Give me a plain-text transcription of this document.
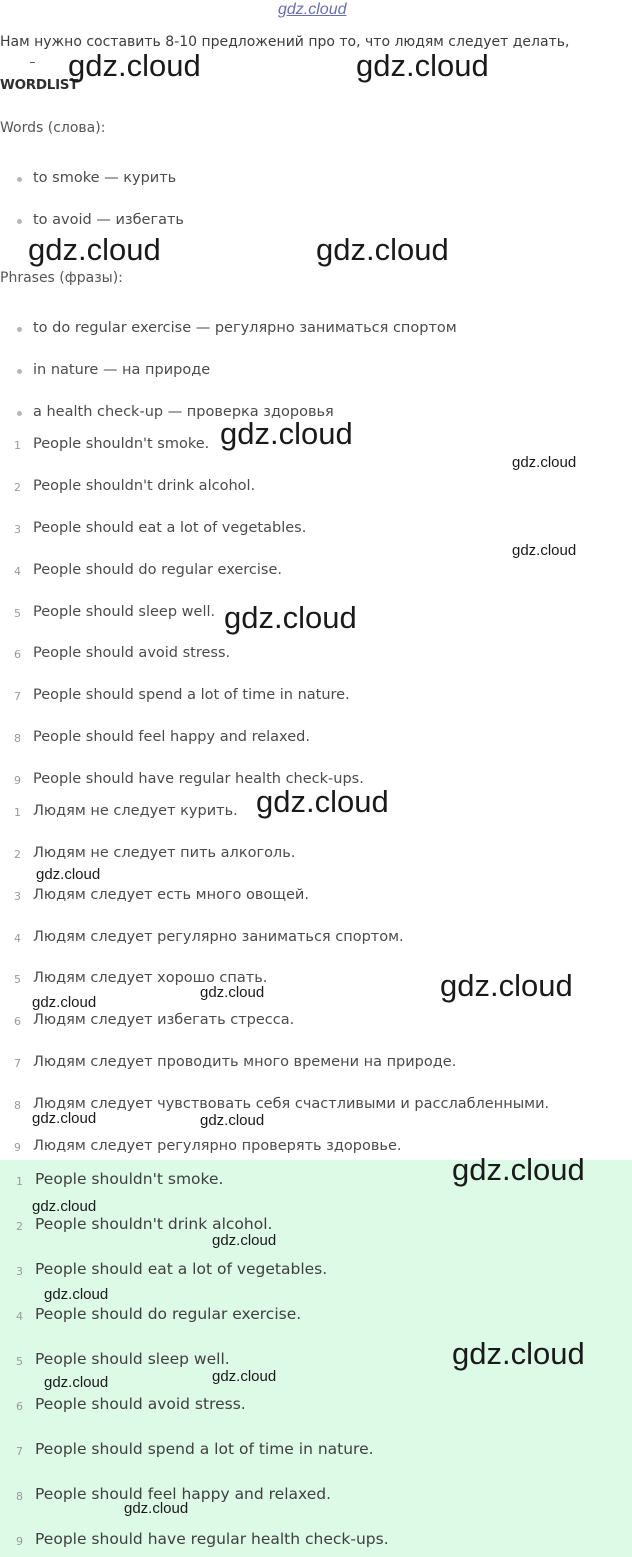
gdz.cloud
Нам нужно составить 8-10 предложений про то, что людям следует делать,
WORDLIST
Words (слова):
to smoke — курить
to avoid — избегать
Phrases (фразы):
to do regular exercise — регулярно заниматься спортом
in nature — на природе
a health check-up — проверка здоровья
1 People shouldn't smoke.
2 People shouldn't drink alcohol.
3 People should eat a lot of vegetables.
4 People should do regular exercise.
5 People should sleep well.
6 People should avoid stress.
7 People should spend a lot of time in nature.
8 People should feel happy and relaxed.
9 People should have regular health check-ups.
1 Людям не следует курить.
2 Людям не следует пить алкоголь.
3 Людям следует есть много овощей.
4 Людям следует регулярно заниматься спортом.
5 Людям следует хорошо спать.
6 Людям следует избегать стресса.
7 Людям следует проводить много времени на природе.
8 Людям следует чувствовать себя счастливыми и расслабленными.
9 Людям следует регулярно проверять здоровье.
1 People shouldn't smoke.
2 People shouldn't drink alcohol.
3 People should eat a lot of vegetables.
4 People should do regular exercise.
5 People should sleep well.
6 People should avoid stress.
7 People should spend a lot of time in nature.
8 People should feel happy and relaxed.
9 People should have regular health check-ups.
gdz.cloud	gdz.cloud
gdz.cloud	gdz.cloud
gdz.cloud
gdz.cloud
gdz.cloud
gdz.cloud
gdz.cloud
gdz.cloud
gdz.cloud
gdz.cloud
gdz.cloud
gdz.cloud	gdz.cloud
gdz.cloud
gdz.cloud
gdz.cloud
gdz.cloud
gdz.cloud
gdz.cloud
gdz.cloud
gdz.cloud
